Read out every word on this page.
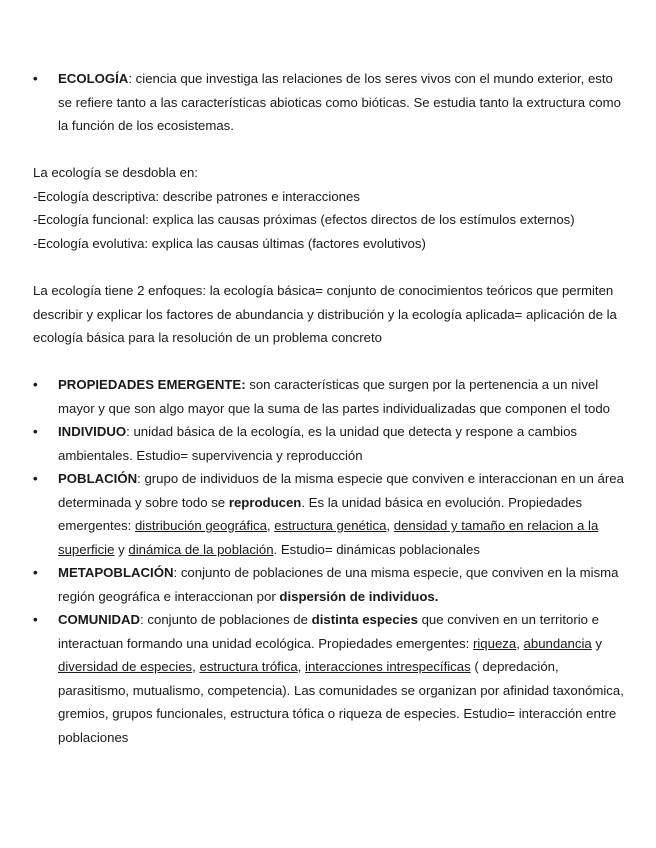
• ECOLOGÍA: ciencia que investiga las relaciones de los seres vivos con el mundo exterior, esto se refiere tanto a las características abioticas como bióticas. Se estudia tanto la extructura como la función de los ecosistemas.
La ecología se desdobla en:
-Ecología descriptiva: describe patrones e interacciones
-Ecología funcional: explica las causas próximas (efectos directos de los estímulos externos)
-Ecología evolutiva: explica las causas últimas (factores evolutivos)
La ecología tiene 2 enfoques: la ecología básica= conjunto de conocimientos teóricos que permiten describir y explicar los factores de abundancia y distribución y la ecología aplicada= aplicación de la ecología básica para la resolución de un problema concreto
• PROPIEDADES EMERGENTE: son características que surgen por la pertenencia a un nivel mayor y que son algo mayor que la suma de las partes individualizadas que componen el todo
• INDIVIDUO: unidad básica de la ecología, es la unidad que detecta y respone a cambios ambientales. Estudio= supervivencia y reproducción
• POBLACIÓN: grupo de individuos de la misma especie que conviven e interaccionan en un área determinada y sobre todo se reproducen. Es la unidad básica en evolución. Propiedades emergentes: distribución geográfica, estructura genética, densidad y tamaño en relacion a la superficie y dinámica de la población. Estudio= dinámicas poblacionales
• METAPOBLACIÓN: conjunto de poblaciones de una misma especie, que conviven en la misma región geográfica e interaccionan por dispersión de individuos.
• COMUNIDAD: conjunto de poblaciones de distinta especies que conviven en un territorio e interactuan formando una unidad ecológica. Propiedades emergentes: riqueza, abundancia y diversidad de especies, estructura trófica, interacciones intrespecíficas ( depredación, parasitismo, mutualismo, competencia). Las comunidades se organizan por afinidad taxonómica, gremios, grupos funcionales, estructura tófica o riqueza de especies. Estudio= interacción entre poblaciones
